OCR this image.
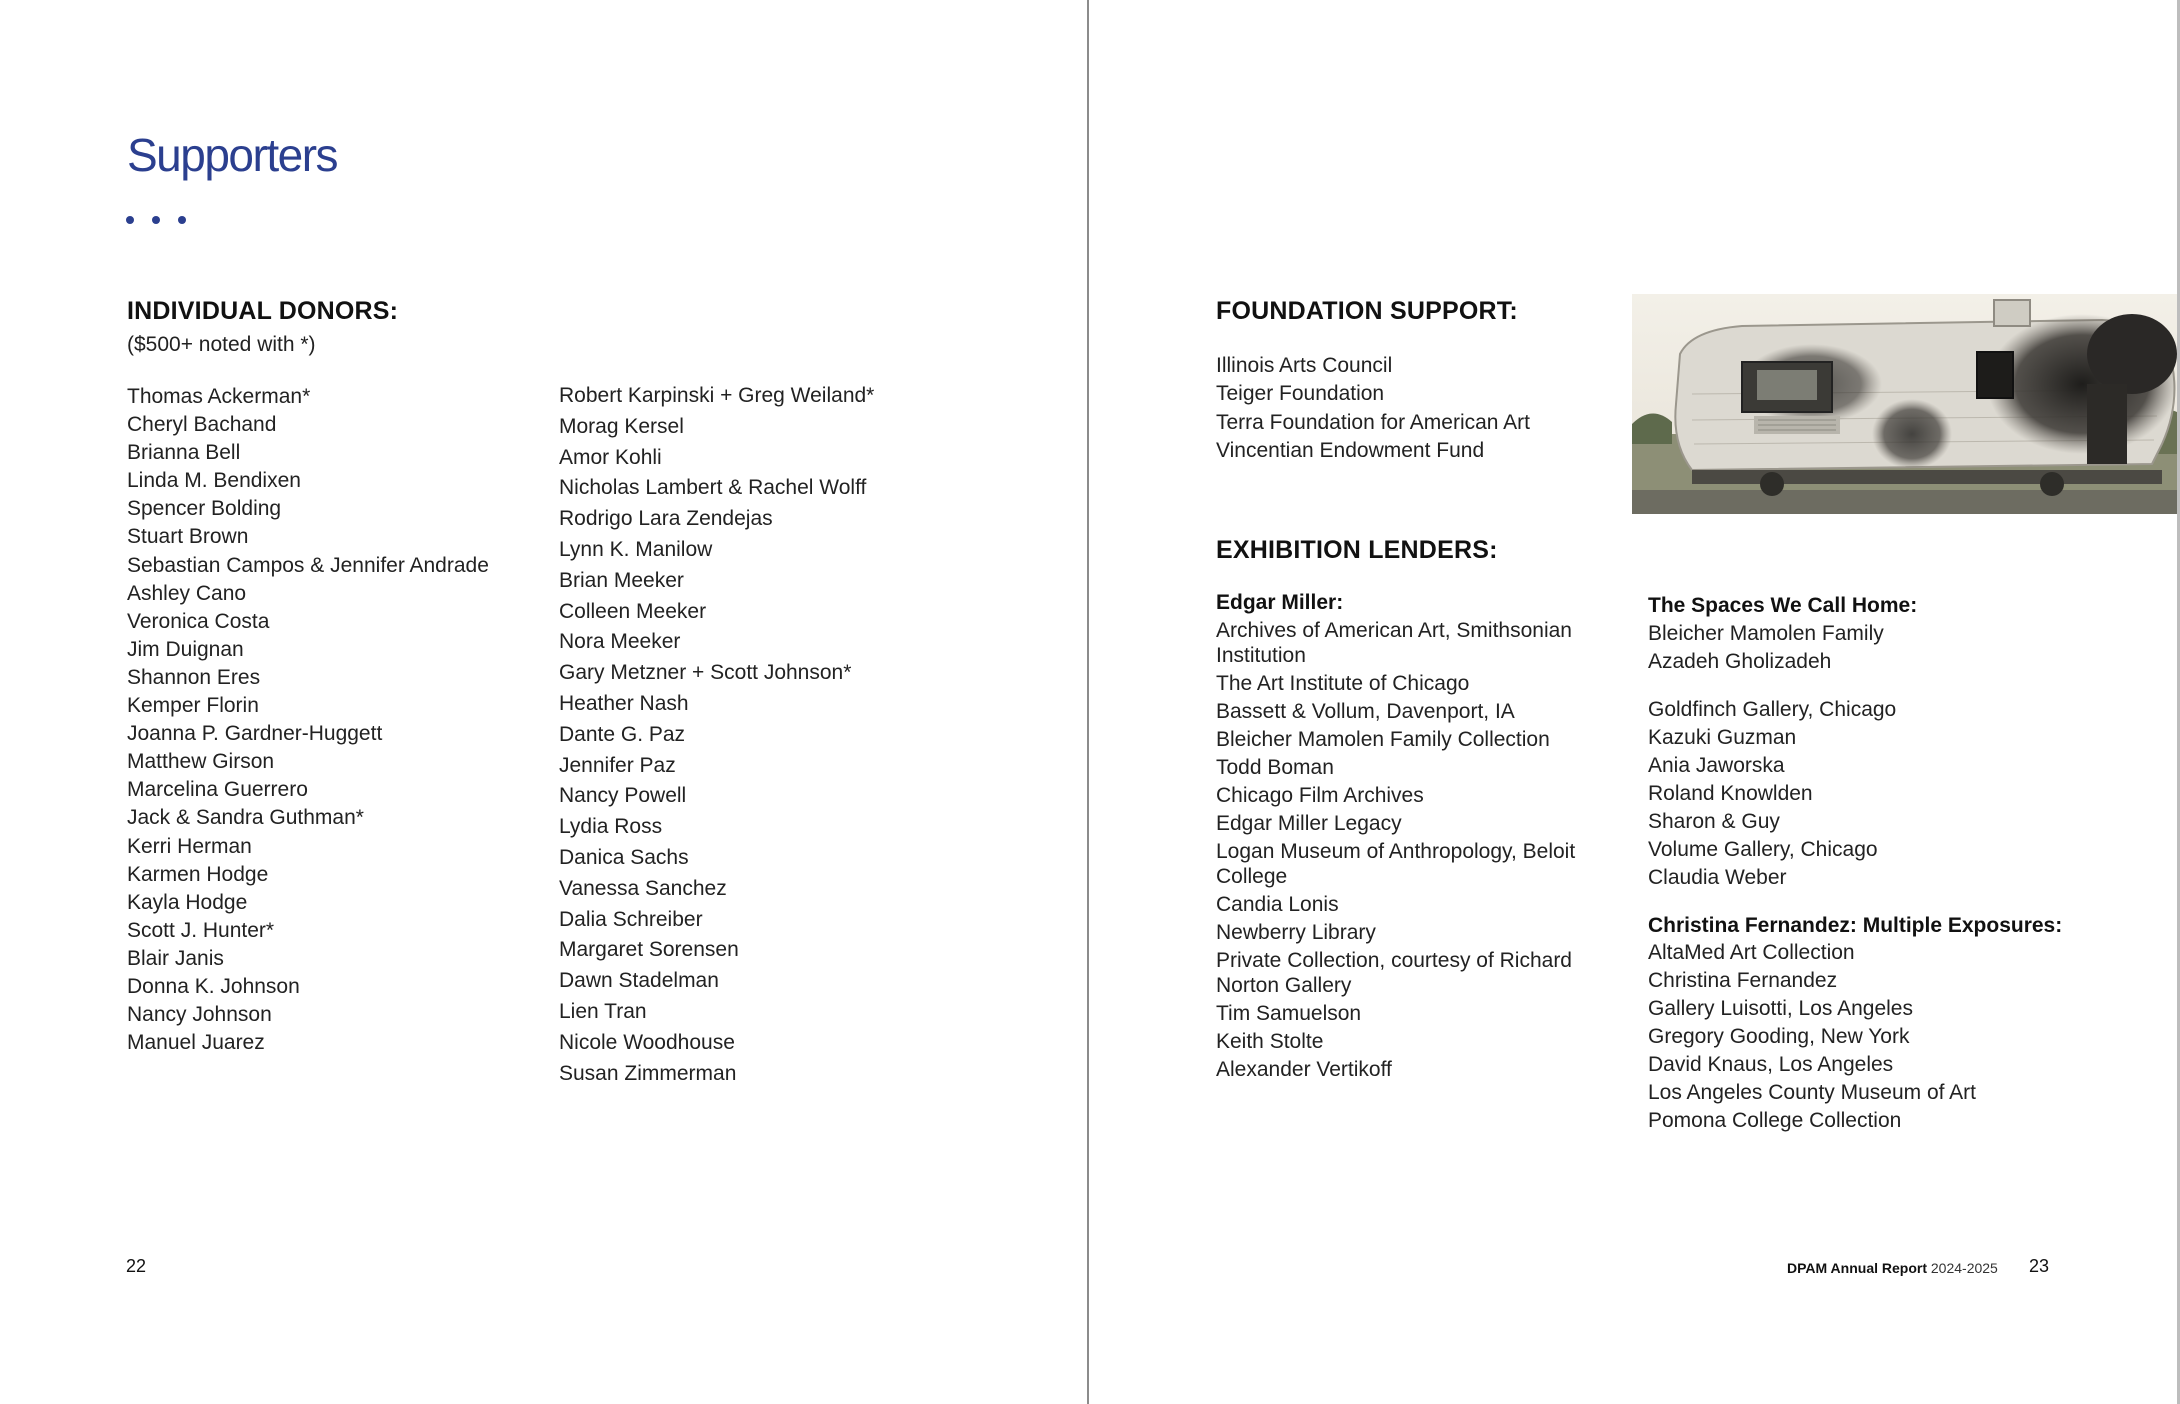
Supporters
INDIVIDUAL DONORS:
($500+ noted with *)
Thomas Ackerman*
Cheryl Bachand
Brianna Bell
Linda M. Bendixen
Spencer Bolding
Stuart Brown
Sebastian Campos & Jennifer Andrade
Ashley Cano
Veronica Costa
Jim Duignan
Shannon Eres
Kemper Florin
Joanna P. Gardner-Huggett
Matthew Girson
Marcelina Guerrero
Jack & Sandra Guthman*
Kerri Herman
Karmen Hodge
Kayla Hodge
Scott J. Hunter*
Blair Janis
Donna K. Johnson
Nancy Johnson
Manuel Juarez
Robert Karpinski + Greg Weiland*
Morag Kersel
Amor Kohli
Nicholas Lambert & Rachel Wolff
Rodrigo Lara Zendejas
Lynn K. Manilow
Brian Meeker
Colleen Meeker
Nora Meeker
Gary Metzner + Scott Johnson*
Heather Nash
Dante G. Paz
Jennifer Paz
Nancy Powell
Lydia Ross
Danica Sachs
Vanessa Sanchez
Dalia Schreiber
Margaret Sorensen
Dawn Stadelman
Lien Tran
Nicole Woodhouse
Susan Zimmerman
22
FOUNDATION SUPPORT:
Illinois Arts Council
Teiger Foundation
Terra Foundation for American Art
Vincentian Endowment Fund
EXHIBITION LENDERS:
Edgar Miller:
Archives of American Art, Smithsonian Institution
The Art Institute of Chicago
Bassett & Vollum, Davenport, IA
Bleicher Mamolen Family Collection
Todd Boman
Chicago Film Archives
Edgar Miller Legacy
Logan Museum of Anthropology, Beloit College
Candia Lonis
Newberry Library
Private Collection, courtesy of Richard Norton Gallery
Tim Samuelson
Keith Stolte
Alexander Vertikoff
The Spaces We Call Home:
Bleicher Mamolen Family
Azadeh Gholizadeh
Goldfinch Gallery, Chicago
Kazuki Guzman
Ania Jaworska
Roland Knowlden
Sharon & Guy
Volume Gallery, Chicago
Claudia Weber
Christina Fernandez: Multiple Exposures:
AltaMed Art Collection
Christina Fernandez
Gallery Luisotti, Los Angeles
Gregory Gooding, New York
David Knaus, Los Angeles
Los Angeles County Museum of Art
Pomona College Collection
DPAM Annual Report 2024-2025 23
